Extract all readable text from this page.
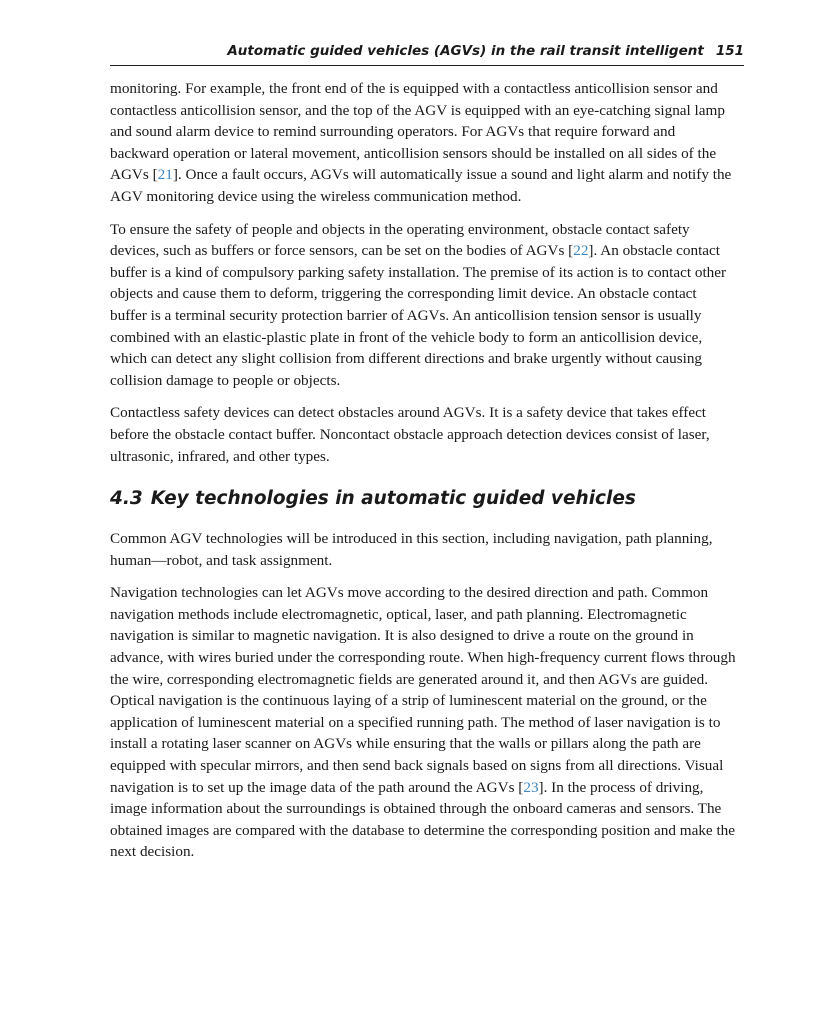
Automatic guided vehicles (AGVs) in the rail transit intelligent 151

monitoring. For example, the front end of the is equipped with a contactless anticollision sensor and contactless anticollision sensor, and the top of the AGV is equipped with an eye-catching signal lamp and sound alarm device to remind surrounding operators. For AGVs that require forward and backward operation or lateral movement, anticollision sensors should be installed on all sides of the AGVs [21]. Once a fault occurs, AGVs will automatically issue a sound and light alarm and notify the AGV monitoring device using the wireless communication method.

To ensure the safety of people and objects in the operating environment, obstacle contact safety devices, such as buffers or force sensors, can be set on the bodies of AGVs [22]. An obstacle contact buffer is a kind of compulsory parking safety installation. The premise of its action is to contact other objects and cause them to deform, triggering the corresponding limit device. An obstacle contact buffer is a terminal security protection barrier of AGVs. An anticollision tension sensor is usually combined with an elastic-plastic plate in front of the vehicle body to form an anticollision device, which can detect any slight collision from different directions and brake urgently without causing collision damage to people or objects.

Contactless safety devices can detect obstacles around AGVs. It is a safety device that takes effect before the obstacle contact buffer. Noncontact obstacle approach detection devices consist of laser, ultrasonic, infrared, and other types.

4.3 Key technologies in automatic guided vehicles

Common AGV technologies will be introduced in this section, including navigation, path planning, human—robot, and task assignment.

Navigation technologies can let AGVs move according to the desired direction and path. Common navigation methods include electromagnetic, optical, laser, and path planning. Electromagnetic navigation is similar to magnetic navigation. It is also designed to drive a route on the ground in advance, with wires buried under the corresponding route. When high-frequency current flows through the wire, corresponding electromagnetic fields are generated around it, and then AGVs are guided. Optical navigation is the continuous laying of a strip of luminescent material on the ground, or the application of luminescent material on a specified running path. The method of laser navigation is to install a rotating laser scanner on AGVs while ensuring that the walls or pillars along the path are equipped with specular mirrors, and then send back signals based on signs from all directions. Visual navigation is to set up the image data of the path around the AGVs [23]. In the process of driving, image information about the surroundings is obtained through the onboard cameras and sensors. The obtained images are compared with the database to determine the corresponding position and make the next decision.
